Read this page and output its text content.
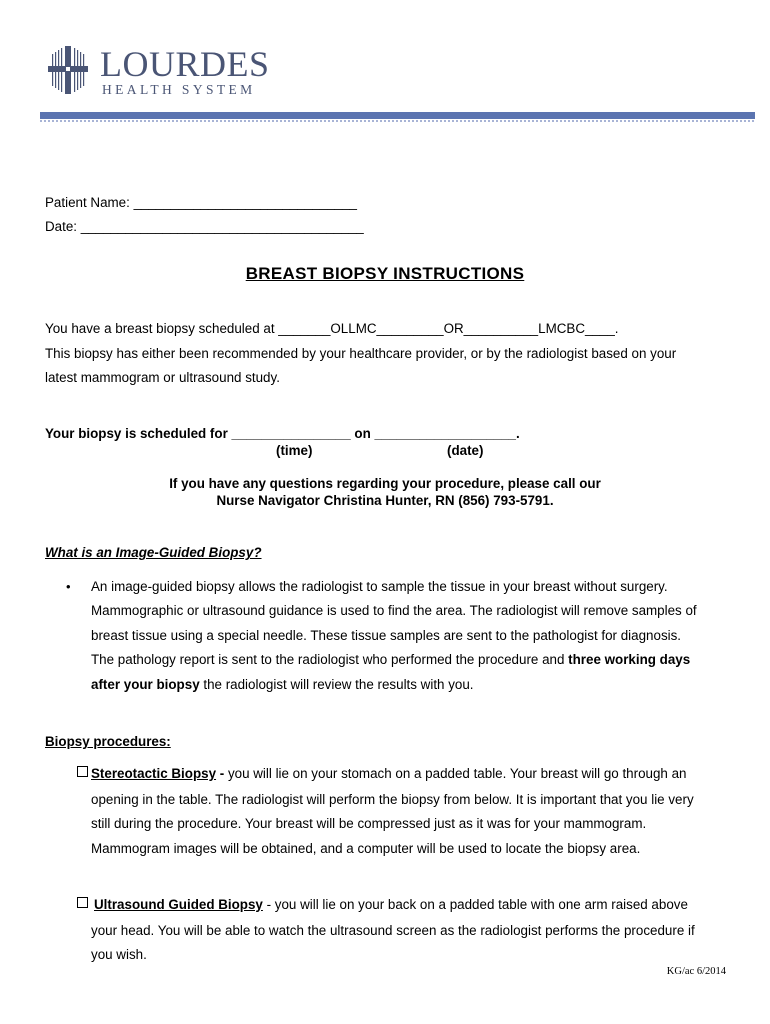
LOURDES
HEALTH SYSTEM
Patient Name: ______________________________
Date: ______________________________________
BREAST BIOPSY INSTRUCTIONS
You have a breast biopsy scheduled at _______OLLMC_________OR__________LMCBC____.
This biopsy has either been recommended by your healthcare provider, or by the radiologist based on your
latest mammogram or ultrasound study.
Your biopsy is scheduled for ________________ on ___________________.
(time)	(date)
If you have any questions regarding your procedure, please call our
Nurse Navigator Christina Hunter, RN (856) 793-5791.
What is an Image-Guided Biopsy?
• An image-guided biopsy allows the radiologist to sample the tissue in your breast without surgery.
Mammographic or ultrasound guidance is used to find the area. The radiologist will remove samples of
breast tissue using a special needle. These tissue samples are sent to the pathologist for diagnosis.
The pathology report is sent to the radiologist who performed the procedure and three working days
after your biopsy the radiologist will review the results with you.
Biopsy procedures:
Stereotactic Biopsy - you will lie on your stomach on a padded table. Your breast will go through an
opening in the table. The radiologist will perform the biopsy from below. It is important that you lie very
still during the procedure. Your breast will be compressed just as it was for your mammogram.
Mammogram images will be obtained, and a computer will be used to locate the biopsy area.
Ultrasound Guided Biopsy - you will lie on your back on a padded table with one arm raised above
your head. You will be able to watch the ultrasound screen as the radiologist performs the procedure if
you wish.
KG/ac 6/2014
